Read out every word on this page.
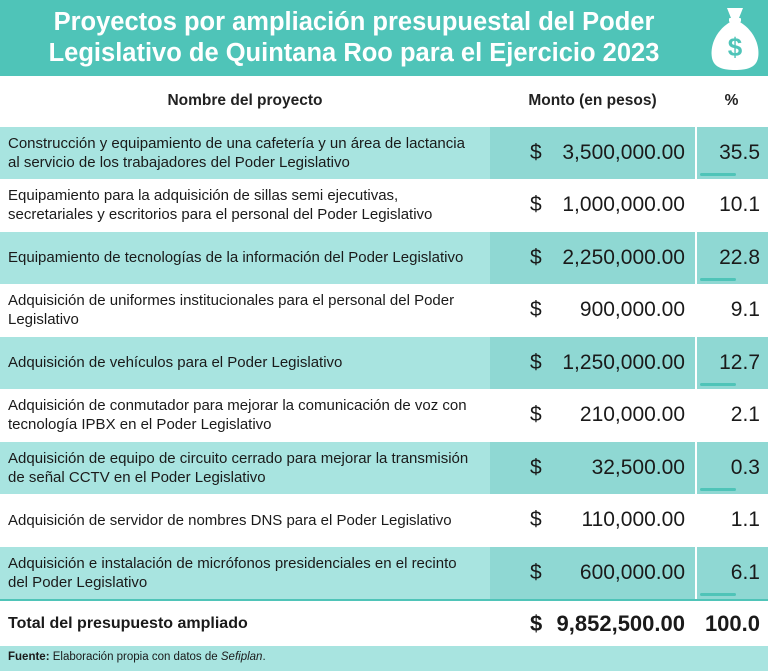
Proyectos por ampliación presupuestal del Poder
Legislativo de Quintana Roo para el Ejercicio 2023	$
Nombre del proyecto	Monto (en pesos)	%
Construcción y equipamiento de una cafetería y un área de lactancia al servicio de los trabajadores del Poder Legislativo	$ 3,500,000.00	35.5
Equipamiento para la adquisición de sillas semi ejecutivas, secretariales y escritorios para el personal del Poder Legislativo	$ 1,000,000.00	10.1
Equipamiento de tecnologías de la información del Poder Legislativo	$ 2,250,000.00	22.8
Adquisición de uniformes institucionales para el personal del Poder Legislativo	$ 900,000.00	9.1
Adquisición de vehículos para el Poder Legislativo	$ 1,250,000.00	12.7
Adquisición de conmutador para mejorar la comunicación de voz con tecnología IPBX en el Poder Legislativo	$ 210,000.00	2.1
Adquisición de equipo de circuito cerrado para mejorar la transmisión de señal CCTV en el Poder Legislativo	$ 32,500.00	0.3
Adquisición de servidor de nombres DNS para el Poder Legislativo	$ 110,000.00	1.1
Adquisición e instalación de micrófonos presidenciales en el recinto del Poder Legislativo	$ 600,000.00	6.1
Total del presupuesto ampliado	$ 9,852,500.00 100.0
Fuente: Elaboración propia con datos de Sefiplan.
